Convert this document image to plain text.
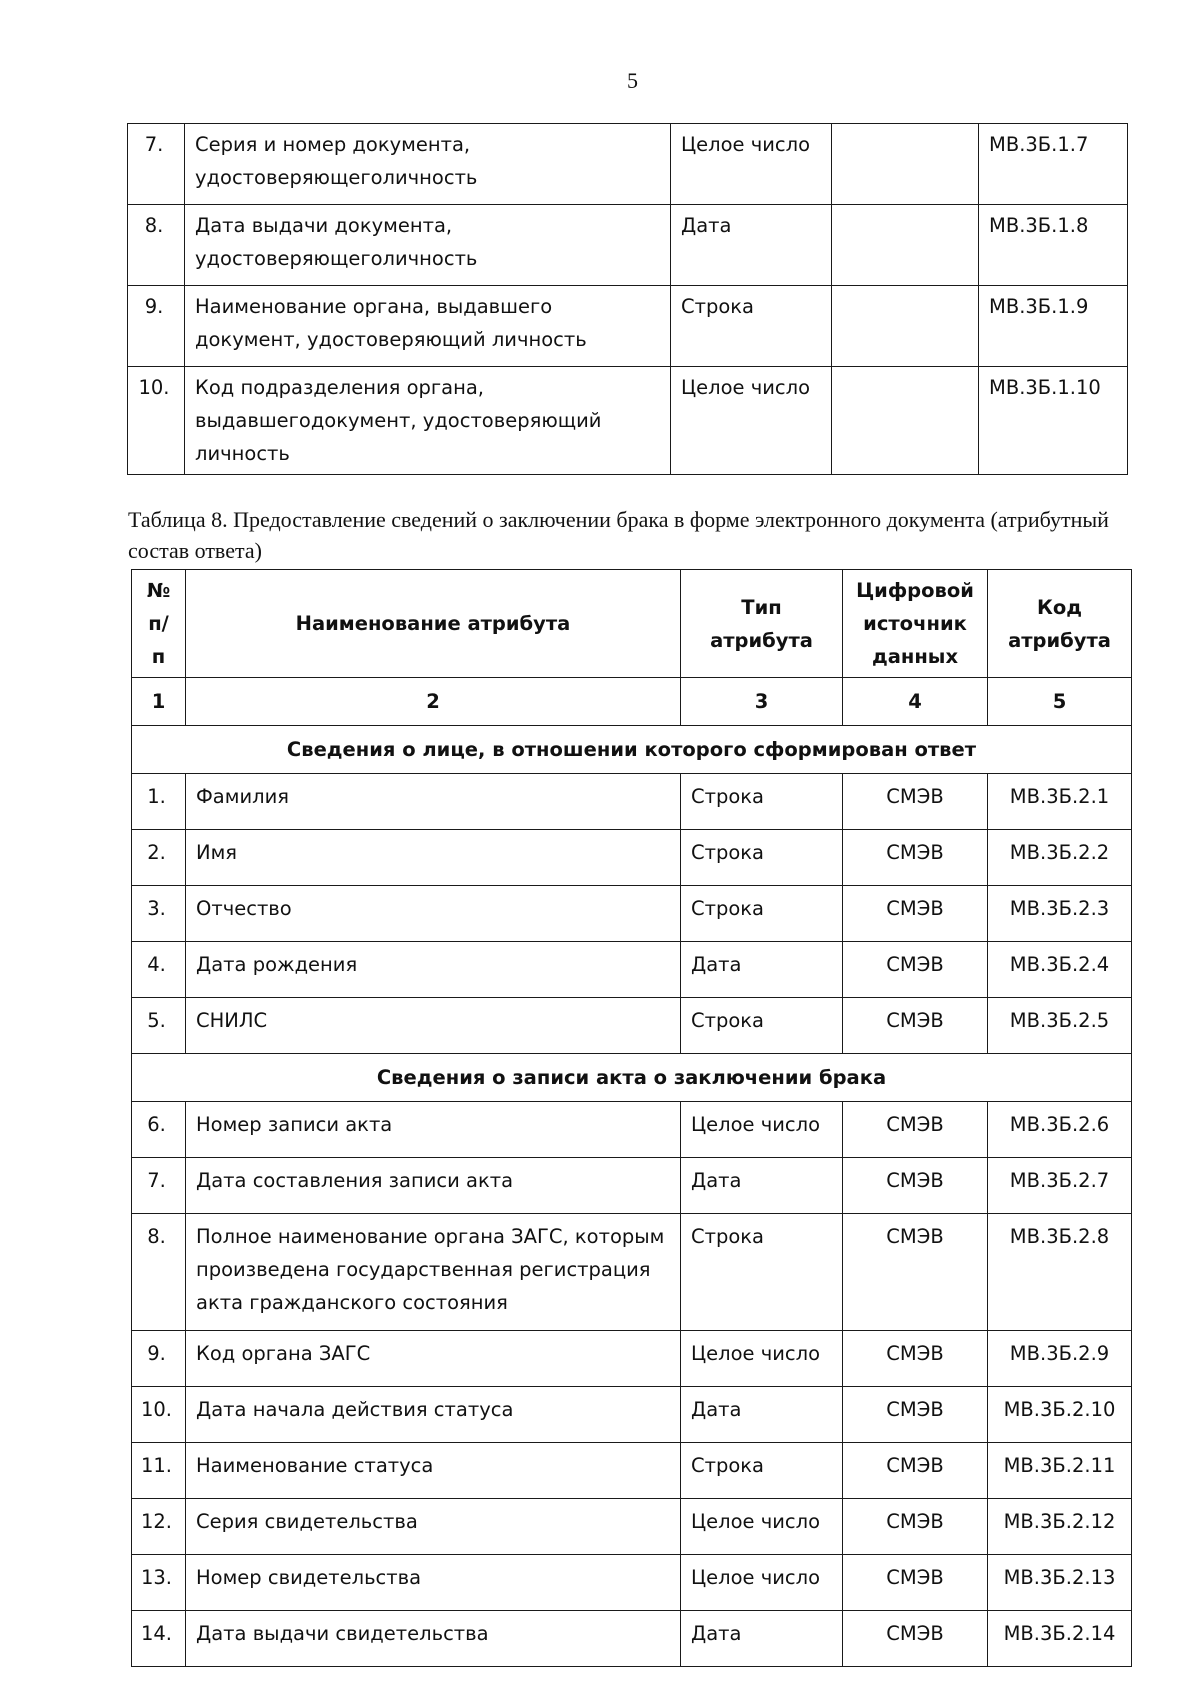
5
7.	Серия и номер документа, удостоверяющеголичность	Целое число		МВ.3Б.1.7
8.	Дата выдачи документа, удостоверяющеголичность	Дата		МВ.3Б.1.8
9.	Наименование органа, выдавшего документ, удостоверяющий личность	Строка		МВ.3Б.1.9
10.	Код подразделения органа, выдавшегодокумент, удостоверяющий личность	Целое число		МВ.3Б.1.10
Таблица 8. Предоставление сведений о заключении брака в форме электронного документа (атрибутный состав ответа)
№ п/п	Наименование атрибута	Тип атрибута	Цифровой источник данных	Код атрибута
1	2	3	4	5
Сведения о лице, в отношении которого сформирован ответ				
1.	Фамилия	Строка	СМЭВ	МВ.3Б.2.1
2.	Имя	Строка	СМЭВ	МВ.3Б.2.2
3.	Отчество	Строка	СМЭВ	МВ.3Б.2.3
4.	Дата рождения	Дата	СМЭВ	МВ.3Б.2.4
5.	СНИЛС	Строка	СМЭВ	МВ.3Б.2.5
Сведения о записи акта о заключении брака				
6.	Номер записи акта	Целое число	СМЭВ	МВ.3Б.2.6
7.	Дата составления записи акта	Дата	СМЭВ	МВ.3Б.2.7
8.	Полное наименование органа ЗАГС, которым произведена государственная регистрация акта гражданского состояния	Строка	СМЭВ	МВ.3Б.2.8
9.	Код органа ЗАГС	Целое число	СМЭВ	МВ.3Б.2.9
10.	Дата начала действия статуса	Дата	СМЭВ	МВ.3Б.2.10
11.	Наименование статуса	Строка	СМЭВ	МВ.3Б.2.11
12.	Серия свидетельства	Целое число	СМЭВ	МВ.3Б.2.12
13.	Номер свидетельства	Целое число	СМЭВ	МВ.3Б.2.13
14.	Дата выдачи свидетельства	Дата	СМЭВ	МВ.3Б.2.14
